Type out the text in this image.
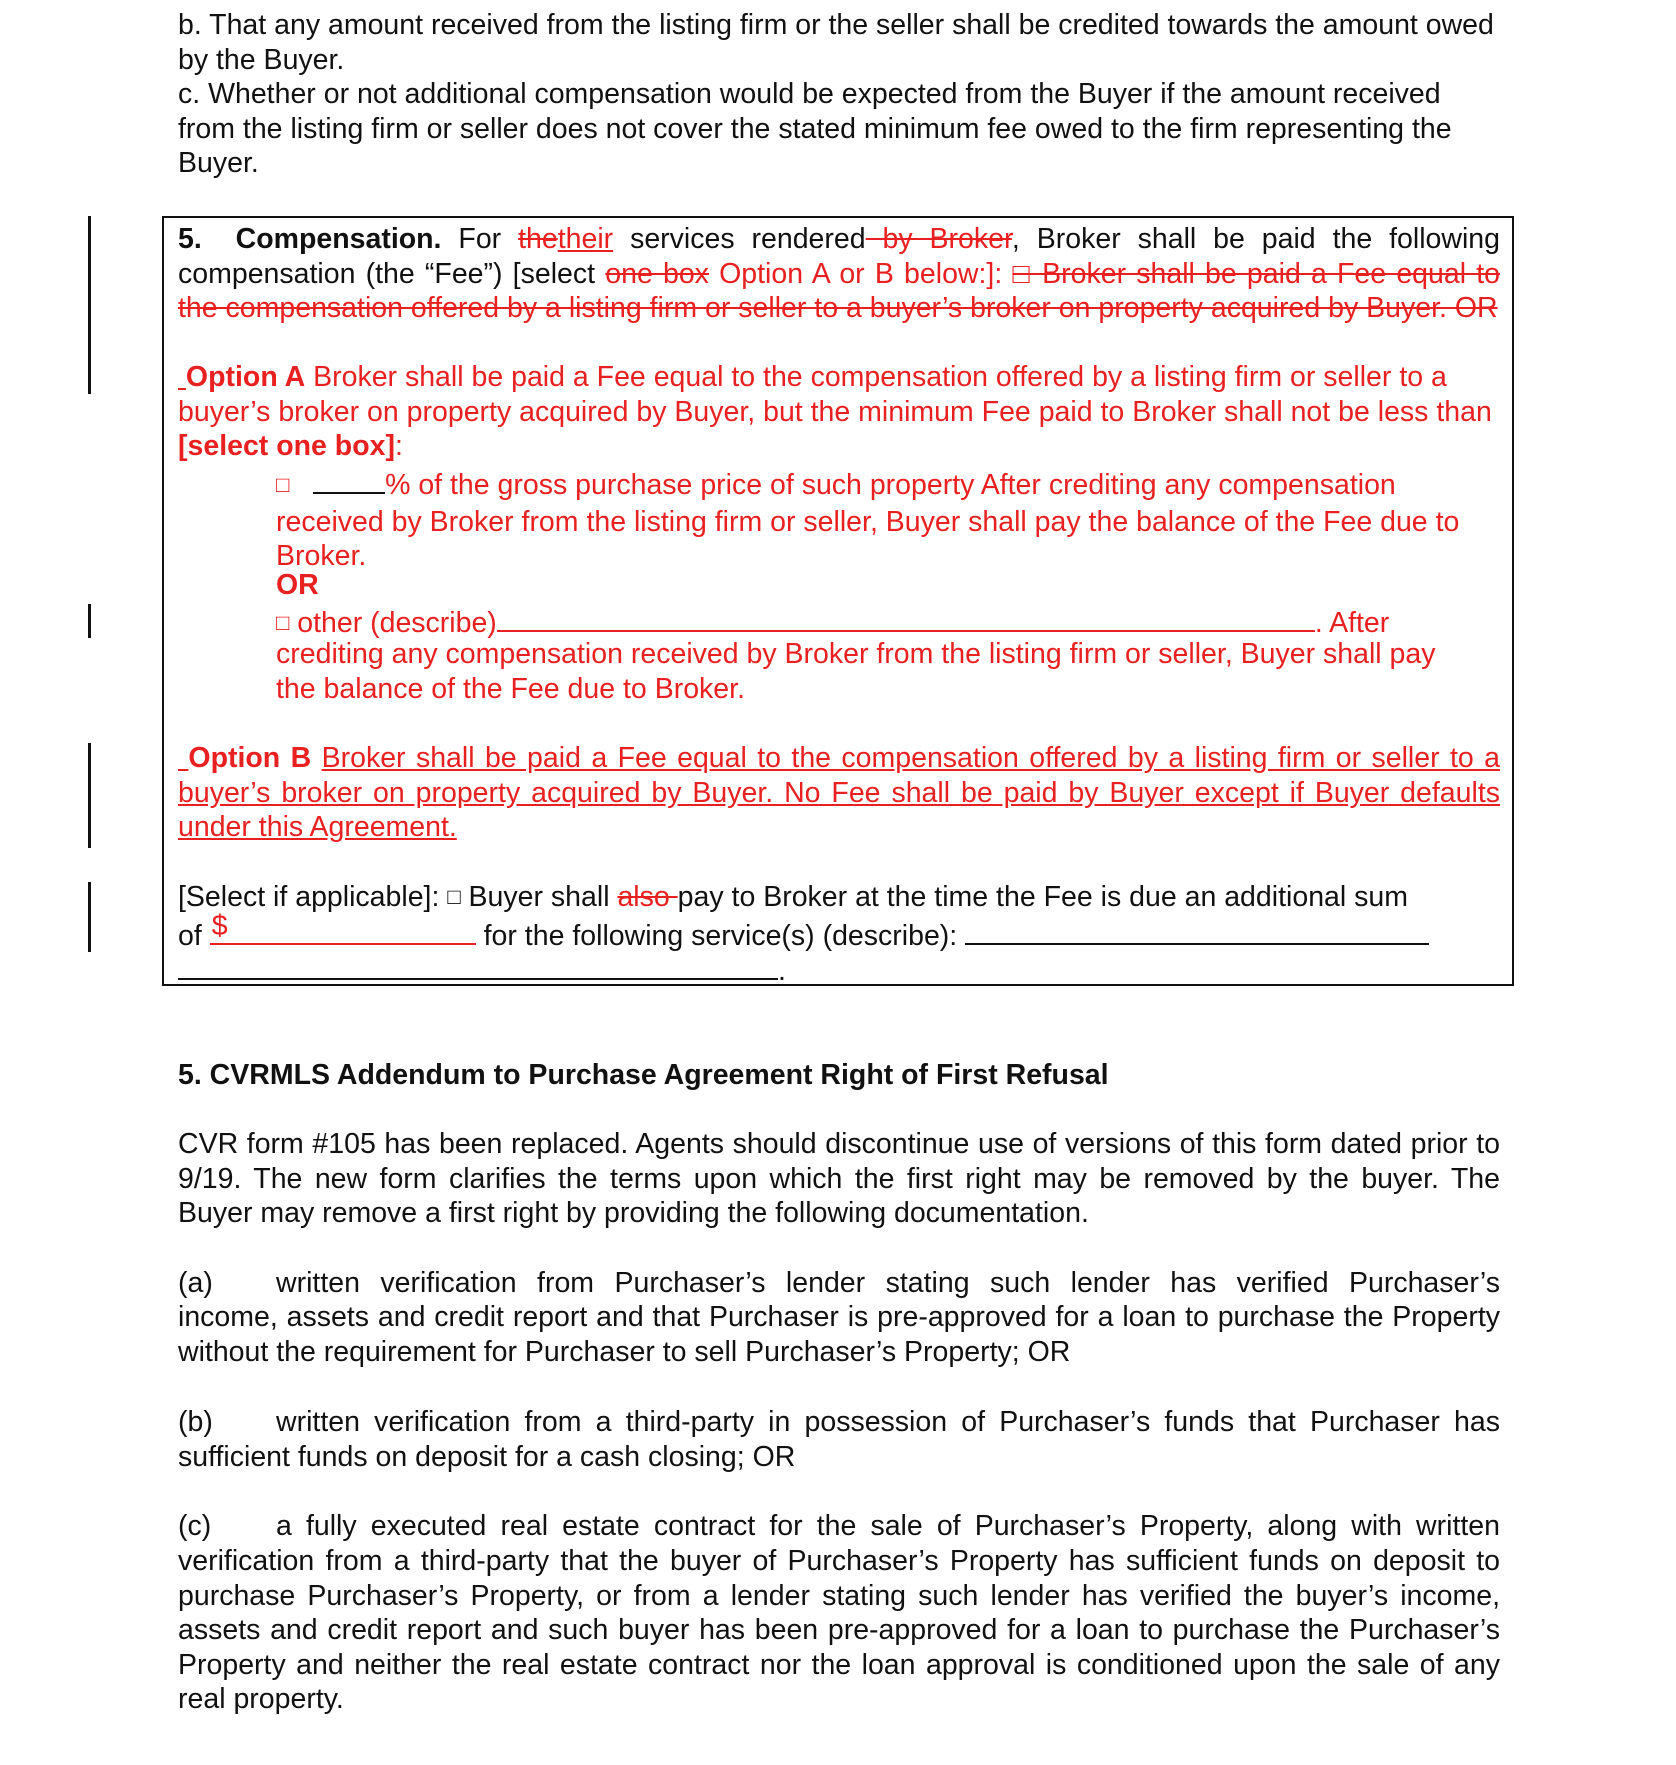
b. That any amount received from the listing firm or the seller shall be credited towards the amount owed by the Buyer.

c. Whether or not additional compensation would be expected from the Buyer if the amount received from the listing firm or seller does not cover the stated minimum fee owed to the firm representing the Buyer.

5. Compensation. For thetheir services rendered by Broker, Broker shall be paid the following compensation (the “Fee”) [select one box Option A or B below:]: □ Broker shall be paid a Fee equal to the compensation offered by a listing firm or seller to a buyer’s broker on property acquired by Buyer. OR

Option A Broker shall be paid a Fee equal to the compensation offered by a listing firm or seller to a buyer’s broker on property acquired by Buyer, but the minimum Fee paid to Broker shall not be less than [select one box]:

□	% of the gross purchase price of such property After crediting any compensation received by Broker from the listing firm or seller, Buyer shall pay the balance of the Fee due to Broker.

OR

□ other (describe)	. After

crediting any compensation received by Broker from the listing firm or seller, Buyer shall pay the balance of the Fee due to Broker.

Option B Broker shall be paid a Fee equal to the compensation offered by a listing firm or seller to a buyer’s broker on property acquired by Buyer. No Fee shall be paid by Buyer except if Buyer defaults under this Agreement.

[Select if applicable]: □ Buyer shall also pay to Broker at the time the Fee is due an additional sum

of $	for the following service(s) (describe):

.

5. CVRMLS Addendum to Purchase Agreement Right of First Refusal

CVR form #105 has been replaced. Agents should discontinue use of versions of this form dated prior to 9/19. The new form clarifies the terms upon which the first right may be removed by the buyer. The Buyer may remove a first right by providing the following documentation.

(a) written verification from Purchaser’s lender stating such lender has verified Purchaser’s

income, assets and credit report and that Purchaser is pre-approved for a loan to purchase the Property without the requirement for Purchaser to sell Purchaser’s Property; OR

(b) written verification from a third-party in possession of Purchaser’s funds that Purchaser has

sufficient funds on deposit for a cash closing; OR

(c) a fully executed real estate contract for the sale of Purchaser’s Property, along with written

verification from a third-party that the buyer of Purchaser’s Property has sufficient funds on deposit to purchase Purchaser’s Property, or from a lender stating such lender has verified the buyer’s income, assets and credit report and such buyer has been pre-approved for a loan to purchase the Purchaser’s Property and neither the real estate contract nor the loan approval is conditioned upon the sale of any real property.
